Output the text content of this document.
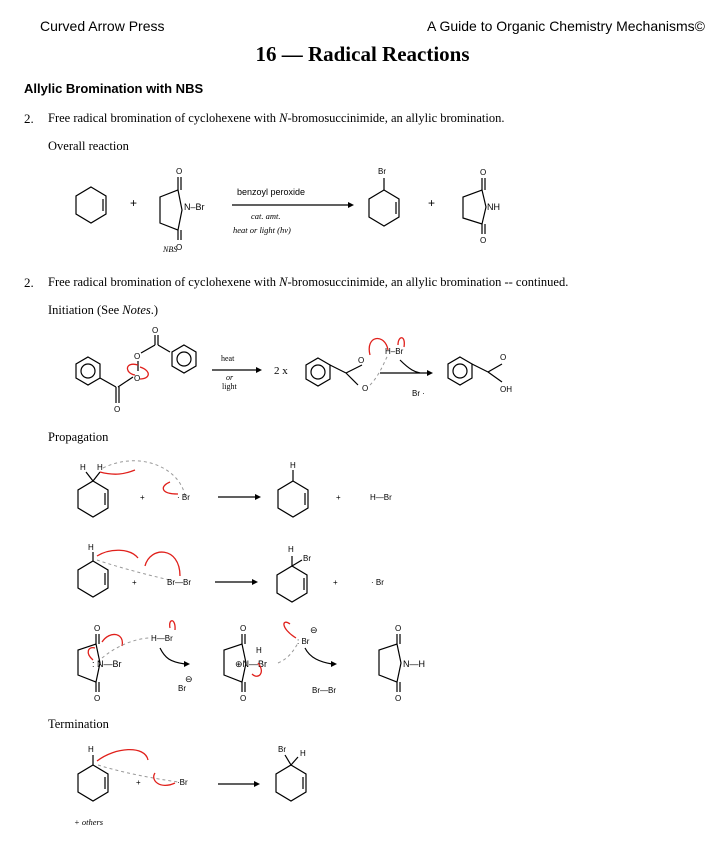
Curved Arrow Press	A Guide to Organic Chemistry Mechanisms©
16 — Radical Reactions
Allylic Bromination with NBS
2. Free radical bromination of cyclohexene with N-bromosuccinimide, an allylic bromination.
Overall reaction
+
O
O
N–Br
NBS
benzoyl peroxide
cat. amt.
heat or light (hν)
Br
+
O
O
NH
2. Free radical bromination of cyclohexene with N-bromosuccinimide, an allylic bromination -- continued.
Initiation (See Notes.)
O
O
O
O
heat
or
light
2 x
O
O
H–Br
Br ·
O
OH
Propagation
H H
+	· Br
H
+	H—Br
H
+	Br—Br
H
Br
+	· Br
O
O
: N—Br
H—Br
Br
⊖
O
O
⊕N—Br
H
: Br
⊖
Br—Br
O
O
N—H
Termination
H
+	·Br
Br H
+ others
